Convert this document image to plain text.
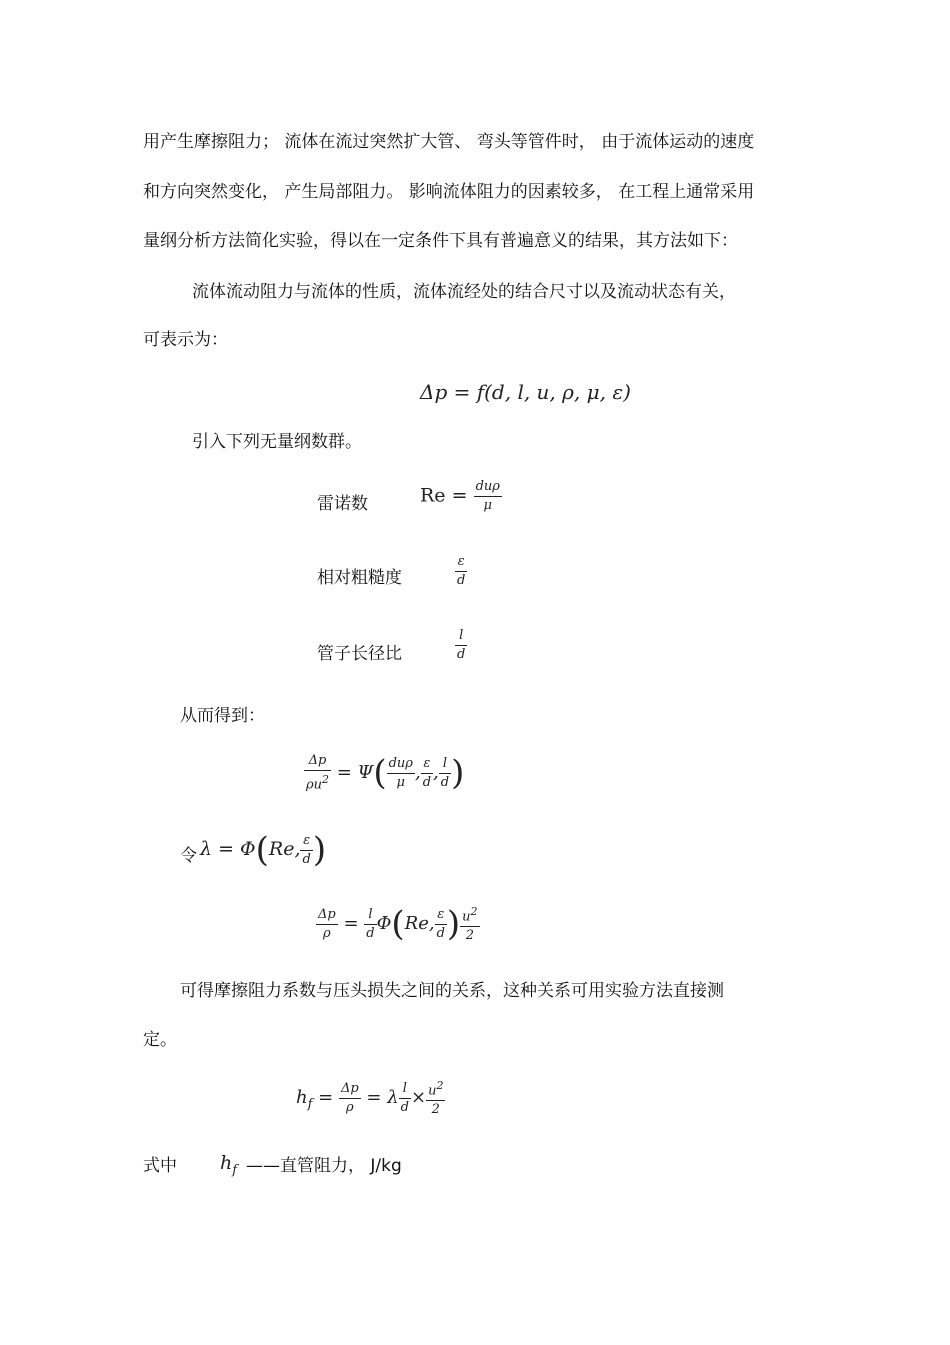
用产生摩擦阻力； 流体在流过突然扩大管、 弯头等管件时， 由于流体运动的速度
和方向突然变化， 产生局部阻力。 影响流体阻力的因素较多， 在工程上通常采用
量纲分析方法简化实验，得以在一定条件下具有普遍意义的结果，其方法如下：
流体流动阻力与流体的性质，流体流经处的结合尺寸以及流动状态有关，
可表示为：
Δp = f(d, l, u, ρ, μ, ε)
引入下列无量纲数群。
雷诺数	$Re = \frac{\text{duρ}}{\mu}$
相对粗糙度	$\frac{\varepsilon}{d}$
管子长径比	$\frac{l}{d}$
从而得到：
$\frac{\Delta p}{\rho u^2} = \Psi( \frac{\text{duρ}}{\mu}$ , $\frac{\varepsilon}{d}$ , $\frac{l}{d}$ )
令 λ = Φ(Re, $\frac{\varepsilon}{d}$ )
$\frac{\Delta p}{\rho} = \frac{l}{d} \Phi(Re$, $\frac{\varepsilon}{d}$ ) $\frac{u^2}{2}$
可得摩擦阻力系数与压头损失之间的关系，这种关系可用实验方法直接测
定。
$h_f = \frac{\Delta p}{\rho} = \lambda \frac{l}{d} \times \frac{u^2}{2}$
式中 $h_f$ ——直管阻力， J/kg
